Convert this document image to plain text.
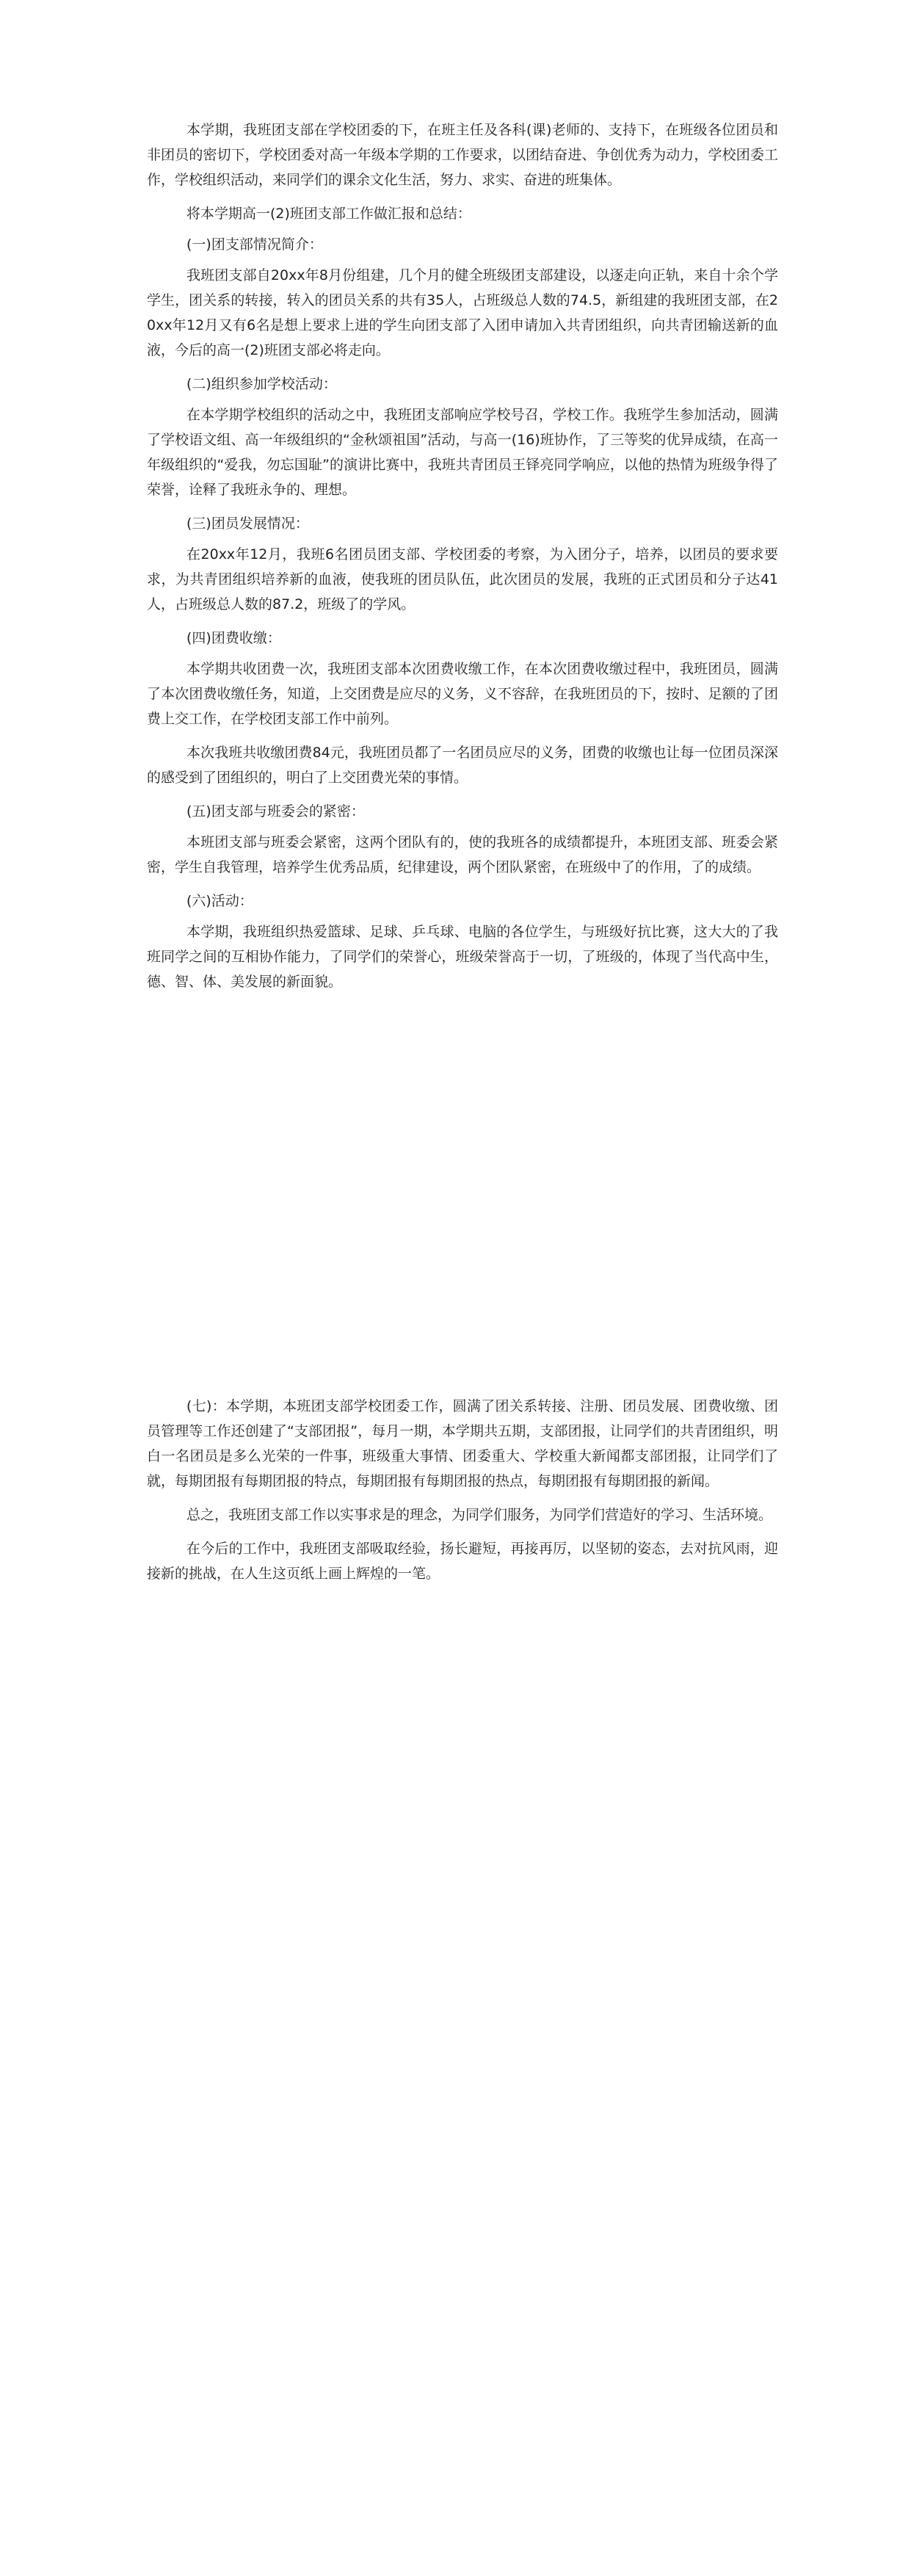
本学期，我班团支部在学校团委的下，在班主任及各科(课)老师的、支持下，在班级各位团员和非团员的密切下，学校团委对高一年级本学期的工作要求，以团结奋进、争创优秀为动力，学校团委工作，学校组织活动，来同学们的课余文化生活，努力、求实、奋进的班集体。

将本学期高一(2)班团支部工作做汇报和总结：

(一)团支部情况简介：

我班团支部自20xx年8月份组建，几个月的健全班级团支部建设，以逐走向正轨，来自十余个学学生，团关系的转接，转入的团员关系的共有35人，占班级总人数的74.5，新组建的我班团支部，在20xx年12月又有6名是想上要求上进的学生向团支部了入团申请加入共青团组织，向共青团输送新的血液，今后的高一(2)班团支部必将走向。

(二)组织参加学校活动：

在本学期学校组织的活动之中，我班团支部响应学校号召，学校工作。我班学生参加活动，圆满了学校语文组、高一年级组织的“金秋颂祖国”活动，与高一(16)班协作，了三等奖的优异成绩，在高一年级组织的“爱我，勿忘国耻”的演讲比赛中，我班共青团员王铎亮同学响应，以他的热情为班级争得了荣誉，诠释了我班永争的、理想。

(三)团员发展情况：

在20xx年12月，我班6名团员团支部、学校团委的考察，为入团分子，培养，以团员的要求要求，为共青团组织培养新的血液，使我班的团员队伍，此次团员的发展，我班的正式团员和分子达41人，占班级总人数的87.2，班级了的学风。

(四)团费收缴：

本学期共收团费一次，我班团支部本次团费收缴工作，在本次团费收缴过程中，我班团员，圆满了本次团费收缴任务，知道，上交团费是应尽的义务，义不容辞，在我班团员的下，按时、足额的了团费上交工作，在学校团支部工作中前列。

本次我班共收缴团费84元，我班团员都了一名团员应尽的义务，团费的收缴也让每一位团员深深的感受到了团组织的，明白了上交团费光荣的事情。

(五)团支部与班委会的紧密：

本班团支部与班委会紧密，这两个团队有的，使的我班各的成绩都提升，本班团支部、班委会紧密，学生自我管理，培养学生优秀品质，纪律建设，两个团队紧密，在班级中了的作用，了的成绩。

(六)活动：

本学期，我班组织热爱篮球、足球、乒乓球、电脑的各位学生，与班级好抗比赛，这大大的了我班同学之间的互相协作能力，了同学们的荣誉心，班级荣誉高于一切，了班级的，体现了当代高中生，德、智、体、美发展的新面貌。

(七)：本学期，本班团支部学校团委工作，圆满了团关系转接、注册、团员发展、团费收缴、团员管理等工作还创建了“支部团报”，每月一期，本学期共五期，支部团报，让同学们的共青团组织，明白一名团员是多么光荣的一件事，班级重大事情、团委重大、学校重大新闻都支部团报，让同学们了就，每期团报有每期团报的特点，每期团报有每期团报的热点，每期团报有每期团报的新闻。

总之，我班团支部工作以实事求是的理念，为同学们服务，为同学们营造好的学习、生活环境。

在今后的工作中，我班团支部吸取经验，扬长避短，再接再厉，以坚韧的姿态，去对抗风雨，迎接新的挑战，在人生这页纸上画上辉煌的一笔。
